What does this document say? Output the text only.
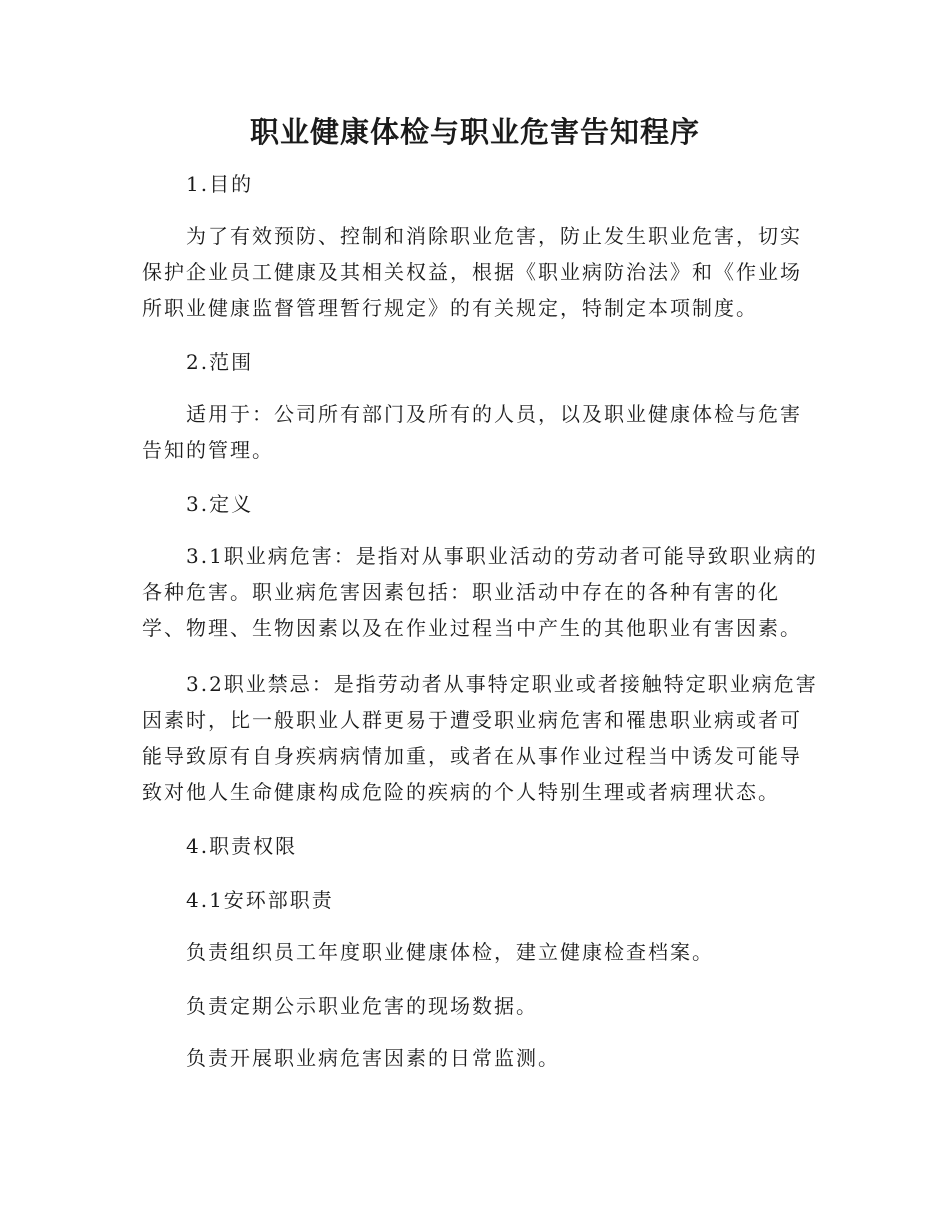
职业健康体检与职业危害告知程序
1.目的
为了有效预防、控制和消除职业危害，防止发生职业危害，切实
保护企业员工健康及其相关权益，根据《职业病防治法》和《作业场
所职业健康监督管理暂行规定》的有关规定，特制定本项制度。
2.范围
适用于：公司所有部门及所有的人员，以及职业健康体检与危害
告知的管理。
3.定义
3.1职业病危害：是指对从事职业活动的劳动者可能导致职业病的
各种危害。职业病危害因素包括：职业活动中存在的各种有害的化
学、物理、生物因素以及在作业过程当中产生的其他职业有害因素。
3.2职业禁忌：是指劳动者从事特定职业或者接触特定职业病危害
因素时，比一般职业人群更易于遭受职业病危害和罹患职业病或者可
能导致原有自身疾病病情加重，或者在从事作业过程当中诱发可能导
致对他人生命健康构成危险的疾病的个人特别生理或者病理状态。
4.职责权限
4.1安环部职责
负责组织员工年度职业健康体检，建立健康检查档案。
负责定期公示职业危害的现场数据。
负责开展职业病危害因素的日常监测。
